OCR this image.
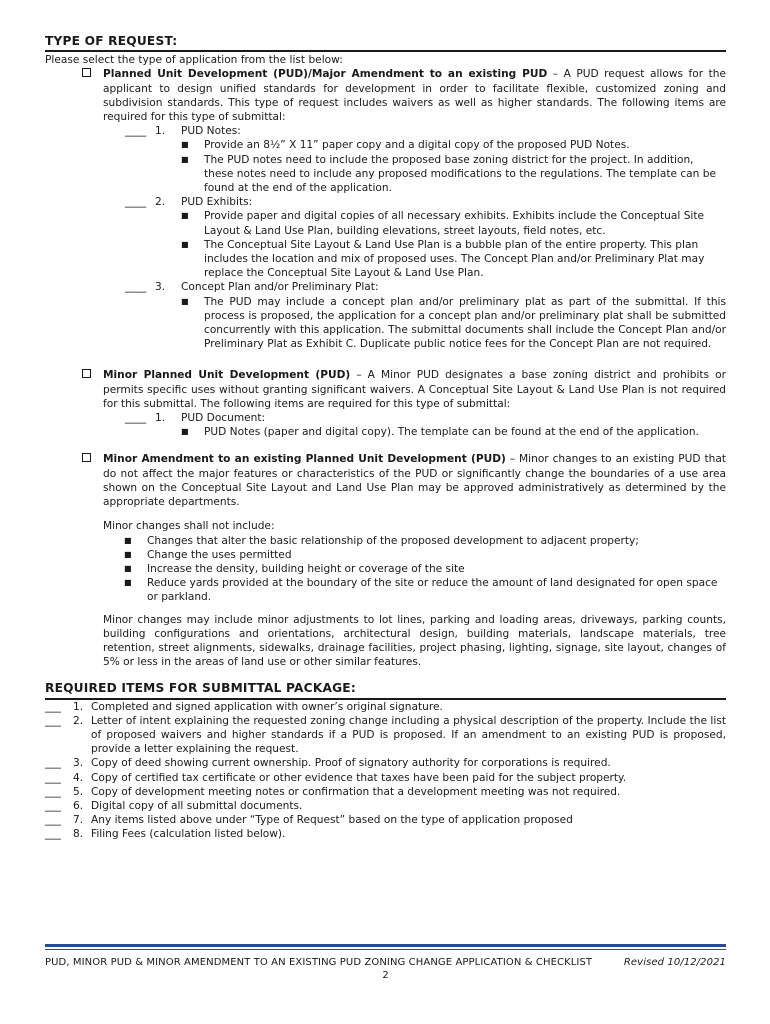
TYPE OF REQUEST:
Please select the type of application from the list below:
Planned Unit Development (PUD)/Major Amendment to an existing PUD – A PUD request allows for the applicant to design unified standards for development in order to facilitate flexible, customized zoning and subdivision standards. This type of request includes waivers as well as higher standards. The following items are required for this type of submittal:
____ 1. PUD Notes:
■ Provide an 8½” X 11” paper copy and a digital copy of the proposed PUD Notes.
■ The PUD notes need to include the proposed base zoning district for the project. In addition, these notes need to include any proposed modifications to the regulations. The template can be found at the end of the application.
____ 2. PUD Exhibits:
■ Provide paper and digital copies of all necessary exhibits. Exhibits include the Conceptual Site Layout & Land Use Plan, building elevations, street layouts, field notes, etc.
■ The Conceptual Site Layout & Land Use Plan is a bubble plan of the entire property. This plan includes the location and mix of proposed uses. The Concept Plan and/or Preliminary Plat may replace the Conceptual Site Layout & Land Use Plan.
____ 3. Concept Plan and/or Preliminary Plat:
■ The PUD may include a concept plan and/or preliminary plat as part of the submittal. If this process is proposed, the application for a concept plan and/or preliminary plat shall be submitted concurrently with this application. The submittal documents shall include the Concept Plan and/or Preliminary Plat as Exhibit C. Duplicate public notice fees for the Concept Plan are not required.
Minor Planned Unit Development (PUD) – A Minor PUD designates a base zoning district and prohibits or permits specific uses without granting significant waivers. A Conceptual Site Layout & Land Use Plan is not required for this submittal. The following items are required for this type of submittal:
____ 1. PUD Document:
■ PUD Notes (paper and digital copy). The template can be found at the end of the application.
Minor Amendment to an existing Planned Unit Development (PUD) – Minor changes to an existing PUD that do not affect the major features or characteristics of the PUD or significantly change the boundaries of a use area shown on the Conceptual Site Layout and Land Use Plan may be approved administratively as determined by the appropriate departments.
Minor changes shall not include:
■ Changes that alter the basic relationship of the proposed development to adjacent property;
■ Change the uses permitted
■ Increase the density, building height or coverage of the site
■ Reduce yards provided at the boundary of the site or reduce the amount of land designated for open space or parkland.
Minor changes may include minor adjustments to lot lines, parking and loading areas, driveways, parking counts, building configurations and orientations, architectural design, building materials, landscape materials, tree retention, street alignments, sidewalks, drainage facilities, project phasing, lighting, signage, site layout, changes of 5% or less in the areas of land use or other similar features.
REQUIRED ITEMS FOR SUBMITTAL PACKAGE:
___ 1. Completed and signed application with owner’s original signature.
___ 2. Letter of intent explaining the requested zoning change including a physical description of the property. Include the list of proposed waivers and higher standards if a PUD is proposed. If an amendment to an existing PUD is proposed, provide a letter explaining the request.
___ 3. Copy of deed showing current ownership. Proof of signatory authority for corporations is required.
___ 4. Copy of certified tax certificate or other evidence that taxes have been paid for the subject property.
___ 5. Copy of development meeting notes or confirmation that a development meeting was not required.
___ 6. Digital copy of all submittal documents.
___ 7. Any items listed above under “Type of Request” based on the type of application proposed
___ 8. Filing Fees (calculation listed below).
PUD, MINOR PUD & MINOR AMENDMENT TO AN EXISTING PUD ZONING CHANGE APPLICATION & CHECKLIST	Revised 10/12/2021
2
